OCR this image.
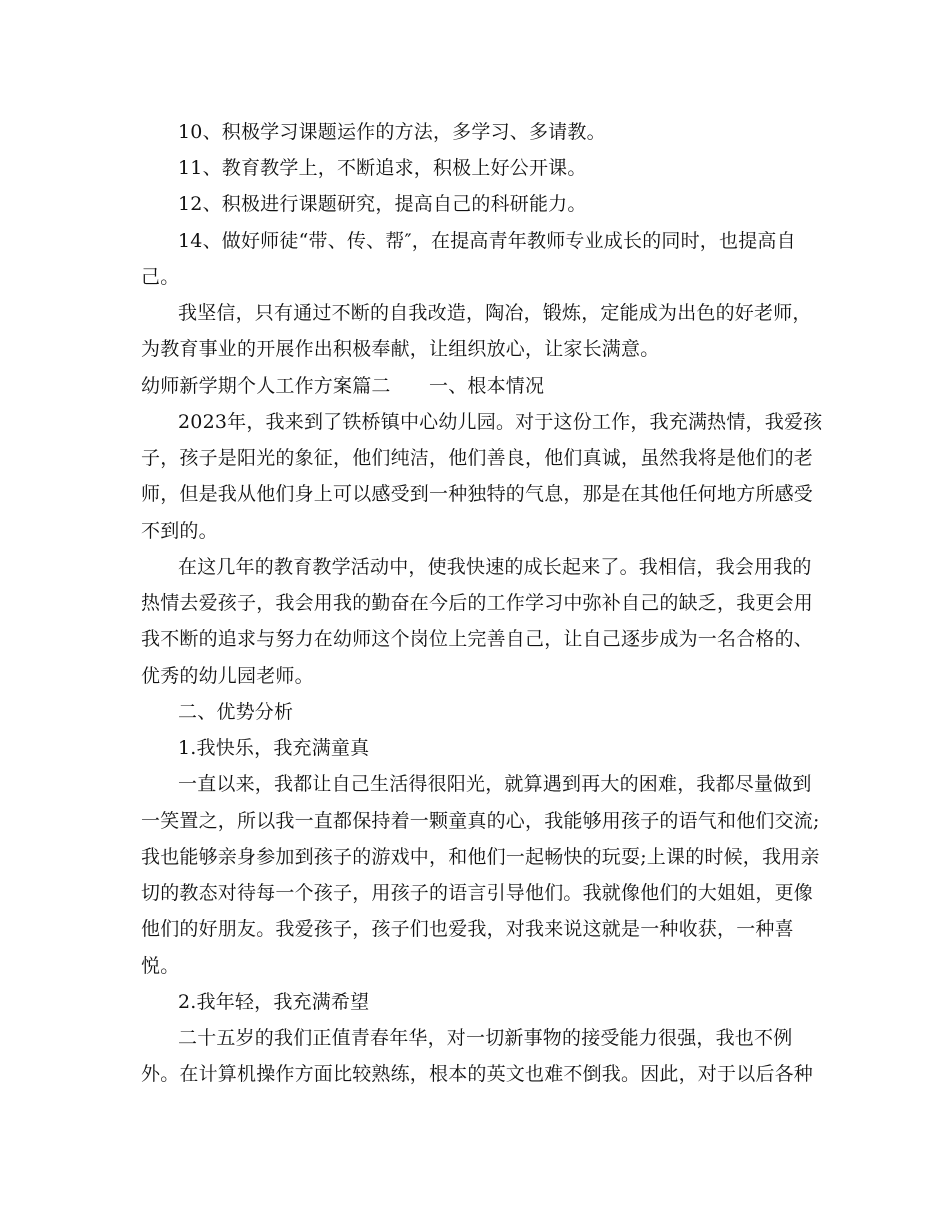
10、积极学习课题运作的方法，多学习、多请教。
11、教育教学上，不断追求，积极上好公开课。
12、积极进行课题研究，提高自己的科研能力。
14、做好师徒“带、传、帮″，在提高青年教师专业成长的同时，也提高自
己。
我坚信，只有通过不断的自我改造，陶冶，锻炼，定能成为出色的好老师，
为教育事业的开展作出积极奉献，让组织放心，让家长满意。
幼师新学期个人工作方案篇二　　一、根本情况
2023年，我来到了铁桥镇中心幼儿园。对于这份工作，我充满热情，我爱孩
子，孩子是阳光的象征，他们纯洁，他们善良，他们真诚，虽然我将是他们的老
师，但是我从他们身上可以感受到一种独特的气息，那是在其他任何地方所感受
不到的。
在这几年的教育教学活动中，使我快速的成长起来了。我相信，我会用我的
热情去爱孩子，我会用我的勤奋在今后的工作学习中弥补自己的缺乏，我更会用
我不断的追求与努力在幼师这个岗位上完善自己，让自己逐步成为一名合格的、
优秀的幼儿园老师。
二、优势分析
1.我快乐，我充满童真
一直以来，我都让自己生活得很阳光，就算遇到再大的困难，我都尽量做到
一笑置之，所以我一直都保持着一颗童真的心，我能够用孩子的语气和他们交流;
我也能够亲身参加到孩子的游戏中，和他们一起畅快的玩耍;上课的时候，我用亲
切的教态对待每一个孩子，用孩子的语言引导他们。我就像他们的大姐姐，更像
他们的好朋友。我爱孩子，孩子们也爱我，对我来说这就是一种收获，一种喜
悦。
2.我年轻，我充满希望
二十五岁的我们正值青春年华，对一切新事物的接受能力很强，我也不例
外。在计算机操作方面比较熟练，根本的英文也难不倒我。因此，对于以后各种
